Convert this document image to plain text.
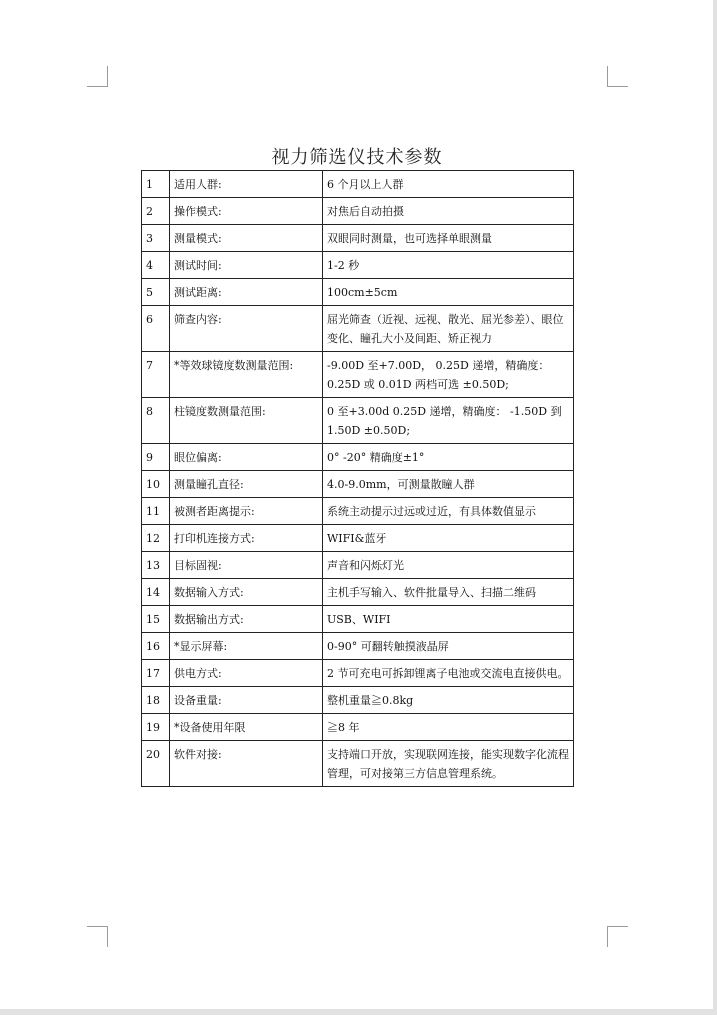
视力筛选仪技术参数
1	适用人群:	6 个月以上人群
2	操作模式:	对焦后自动拍摄
3	测量模式:	双眼同时测量，也可选择单眼测量
4	测试时间:	1-2 秒
5	测试距离:	100cm±5cm
6	筛查内容:	屈光筛查（近视、远视、散光、屈光参差）、眼位变化、瞳孔大小及间距、矫正视力
7	*等效球镜度数测量范围:	-9.00D 至+7.00D， 0.25D 递增，精确度：0.25D 或 0.01D 两档可选 ±0.50D;
8	柱镜度数测量范围:	0 至+3.00d 0.25D 递增，精确度： -1.50D 到 1.50D ±0.50D;
9	眼位偏离:	0° -20° 精确度±1°
10	测量瞳孔直径:	4.0-9.0mm，可测量散瞳人群
11	被测者距离提示:	系统主动提示过远或过近，有具体数值显示
12	打印机连接方式:	WIFI&蓝牙
13	目标固视:	声音和闪烁灯光
14	数据输入方式:	主机手写输入、软件批量导入、扫描二维码
15	数据输出方式:	USB、WIFI
16	*显示屏幕:	0-90° 可翻转触摸液晶屏
17	供电方式:	2 节可充电可拆卸锂离子电池或交流电直接供电。
18	设备重量:	整机重量≧0.8kg
19	*设备使用年限	≧8 年
20	软件对接:	支持端口开放，实现联网连接，能实现数字化流程管理，可对接第三方信息管理系统。
